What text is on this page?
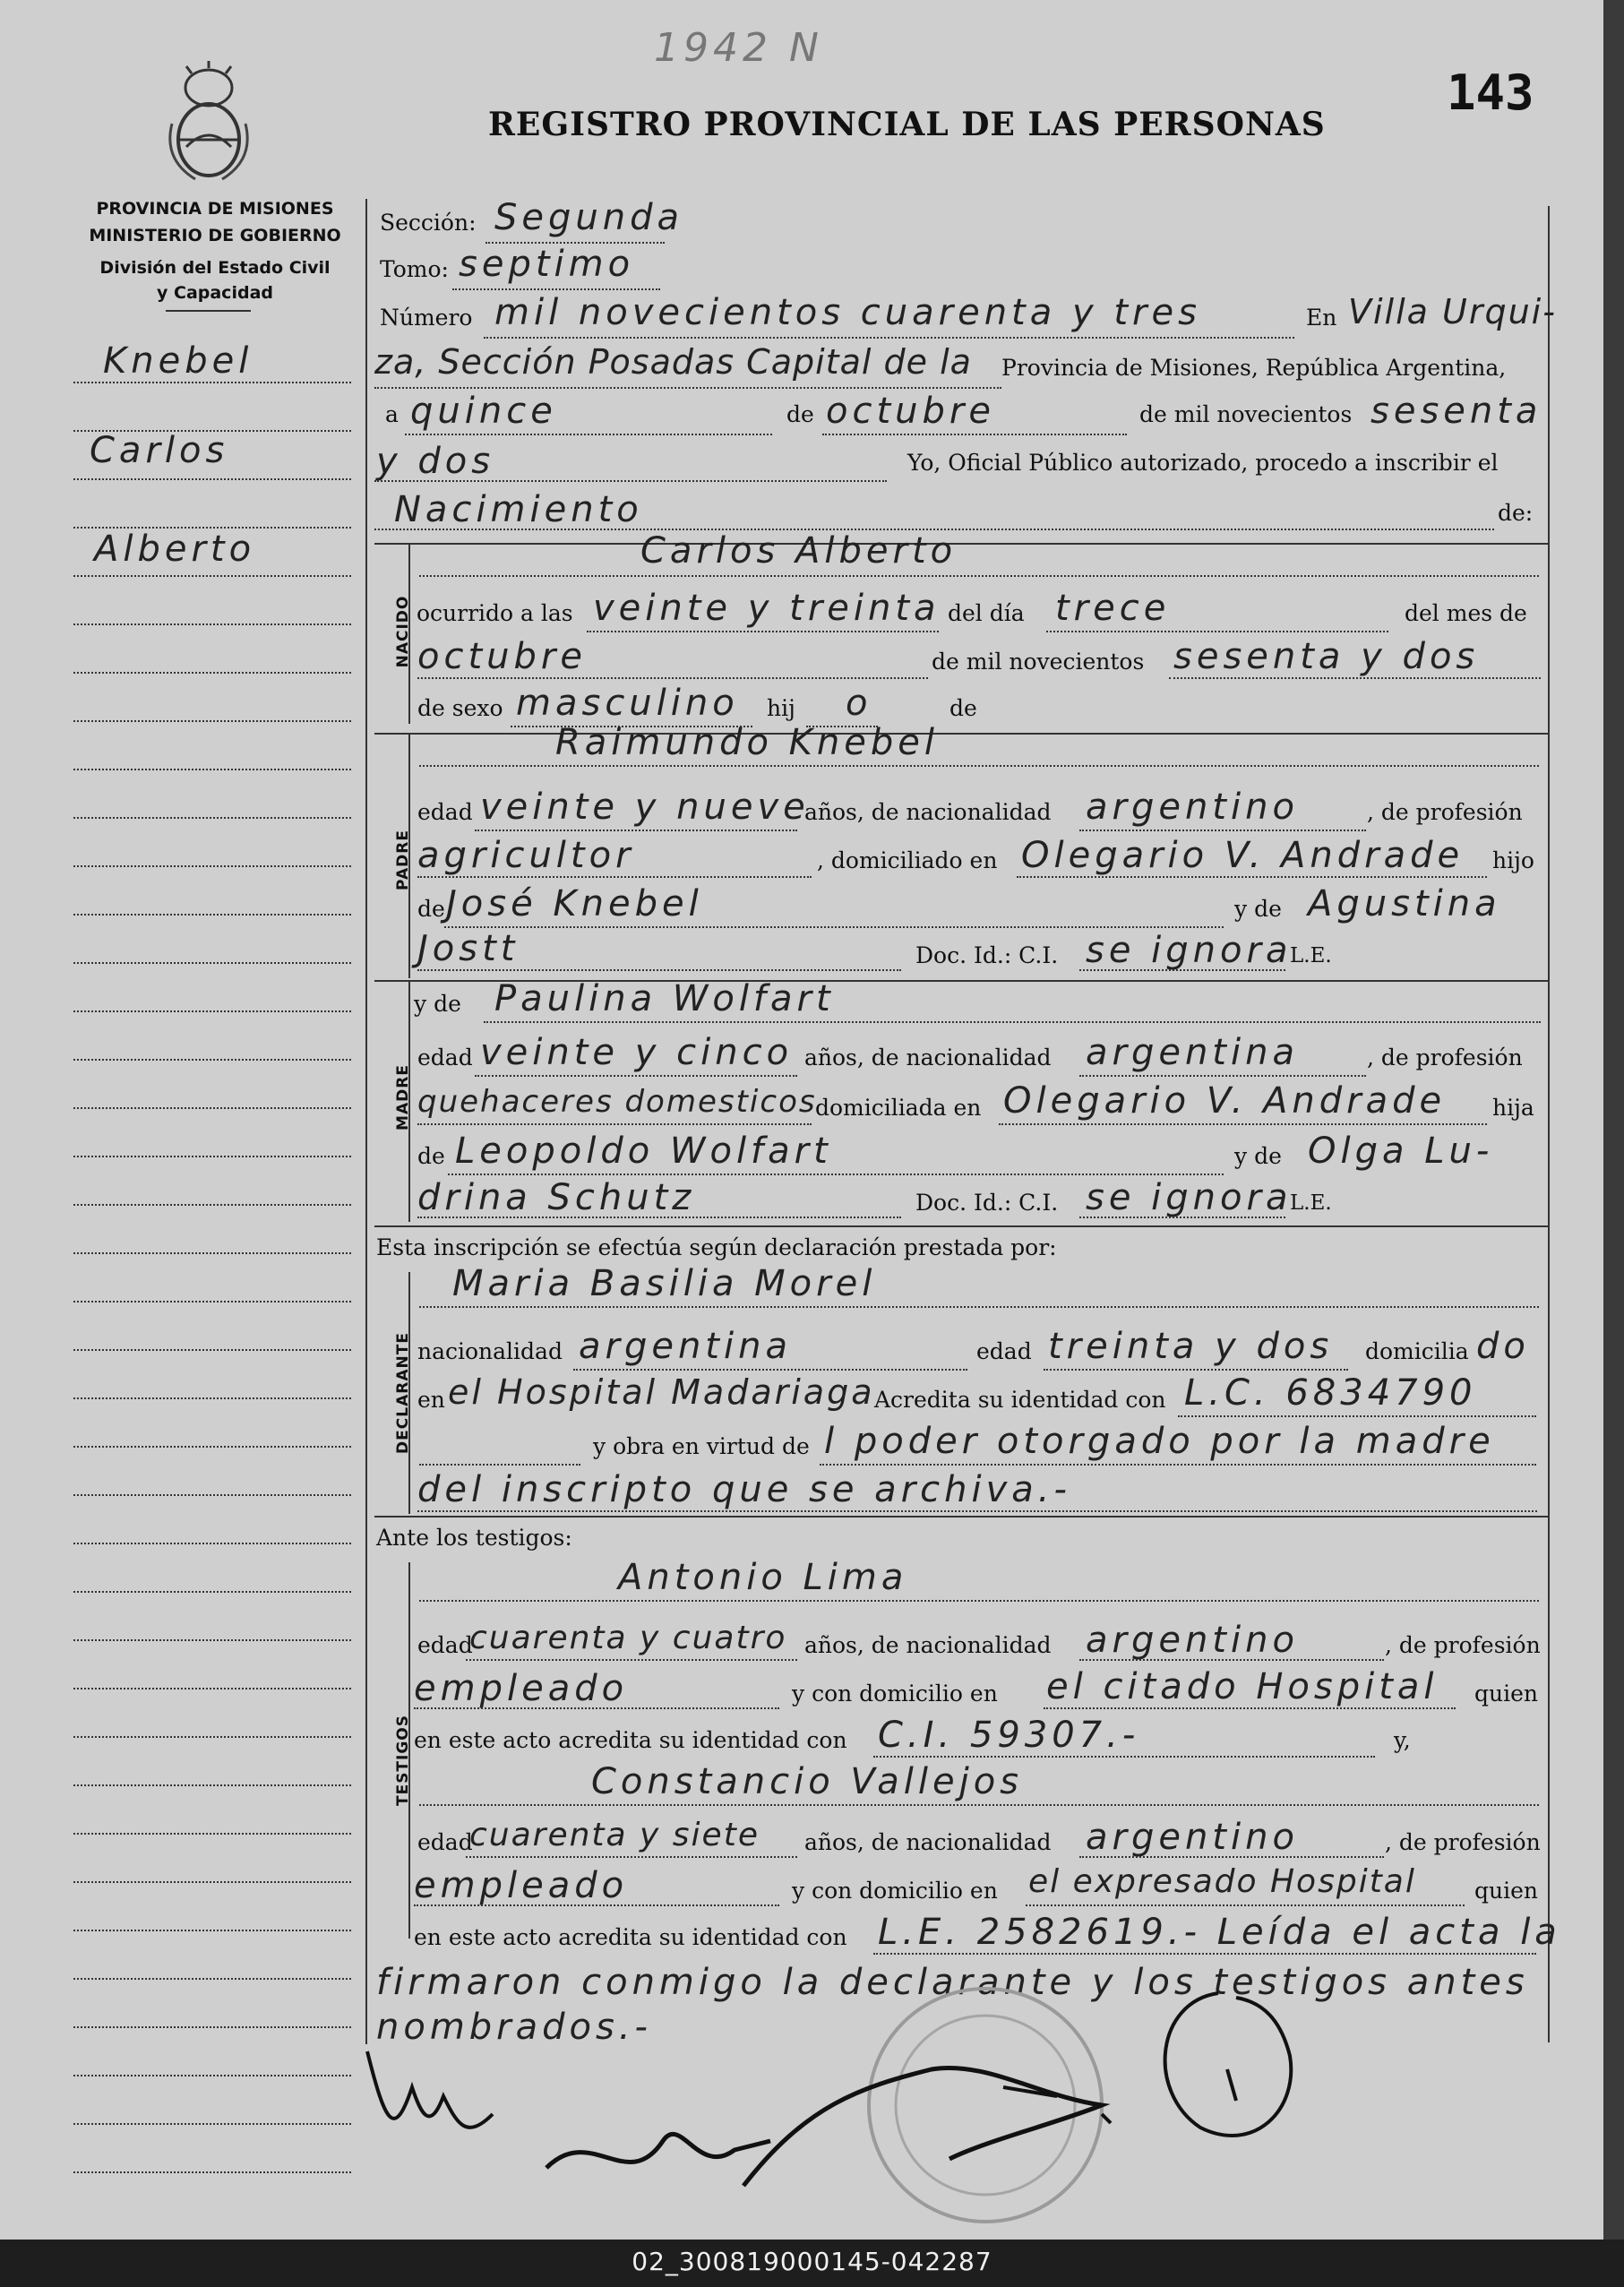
1942 N
143
REGISTRO PROVINCIAL DE LAS PERSONAS
PROVINCIA DE MISIONES
MINISTERIO DE GOBIERNO
División del Estado Civil
y Capacidad
Knebel
Carlos
Alberto
Sección: Segunda
Tomo: septimo
Número mil novecientos cuarenta y tres	En Villa Urqui-
za, Sección Posadas Capital de la Provincia de Misiones, República Argentina,
a quince	de octubre	de mil novecientos sesenta
y dos	Yo, Oficial Público autorizado, procedo a inscribir el
Nacimiento	de:
NACIDO
Carlos Alberto
ocurrido a las veinte y treinta del día trece	del mes de
octubre	de mil novecientos sesenta y dos
de sexo masculino hij o	de
PADRE
Raimundo Knebel
edad veinte y nueve
años, de nacionalidad argentino	, de profesión
agricultor	, domiciliado en Olegario V. Andrade hijo
de José Knebel	y de Agustina
Jostt	Doc. Id.: C.I. se ignora
L.E.
MADRE
y de Paulina Wolfart
edad veinte y cinco años, de nacionalidad argentina	, de profesión
quehaceres domesticos
domiciliada en Olegario V. Andrade hija
de Leopoldo Wolfart	y de Olga Lu-
drina Schutz	Doc. Id.: C.I. se ignora
L.E.
Esta inscripción se efectúa según declaración prestada por:
DECLARANTE
Maria Basilia Morel
nacionalidad argentina	edad treinta y dos domicilia do
en el Hospital Madariaga Acredita su identidad con L.C. 6834790
y obra en virtud de l poder otorgado por la madre
del inscripto que se archiva.-
Ante los testigos:
TESTIGOS
Antonio Lima
edad
cuarenta y cuatro años, de nacionalidad argentino	, de profesión
empleado	y con domicilio en el citado Hospital quien
en este acto acredita su identidad con C.I. 59307.-	y,
Constancio Vallejos
edad
cuarenta y siete años, de nacionalidad argentino	, de profesión
empleado	y con domicilio en el expresado Hospital	quien
en este acto acredita su identidad con L.E. 2582619.- Leída el acta la
firmaron conmigo la declarante y los testigos antes
nombrados.-
02_300819000145-042287
